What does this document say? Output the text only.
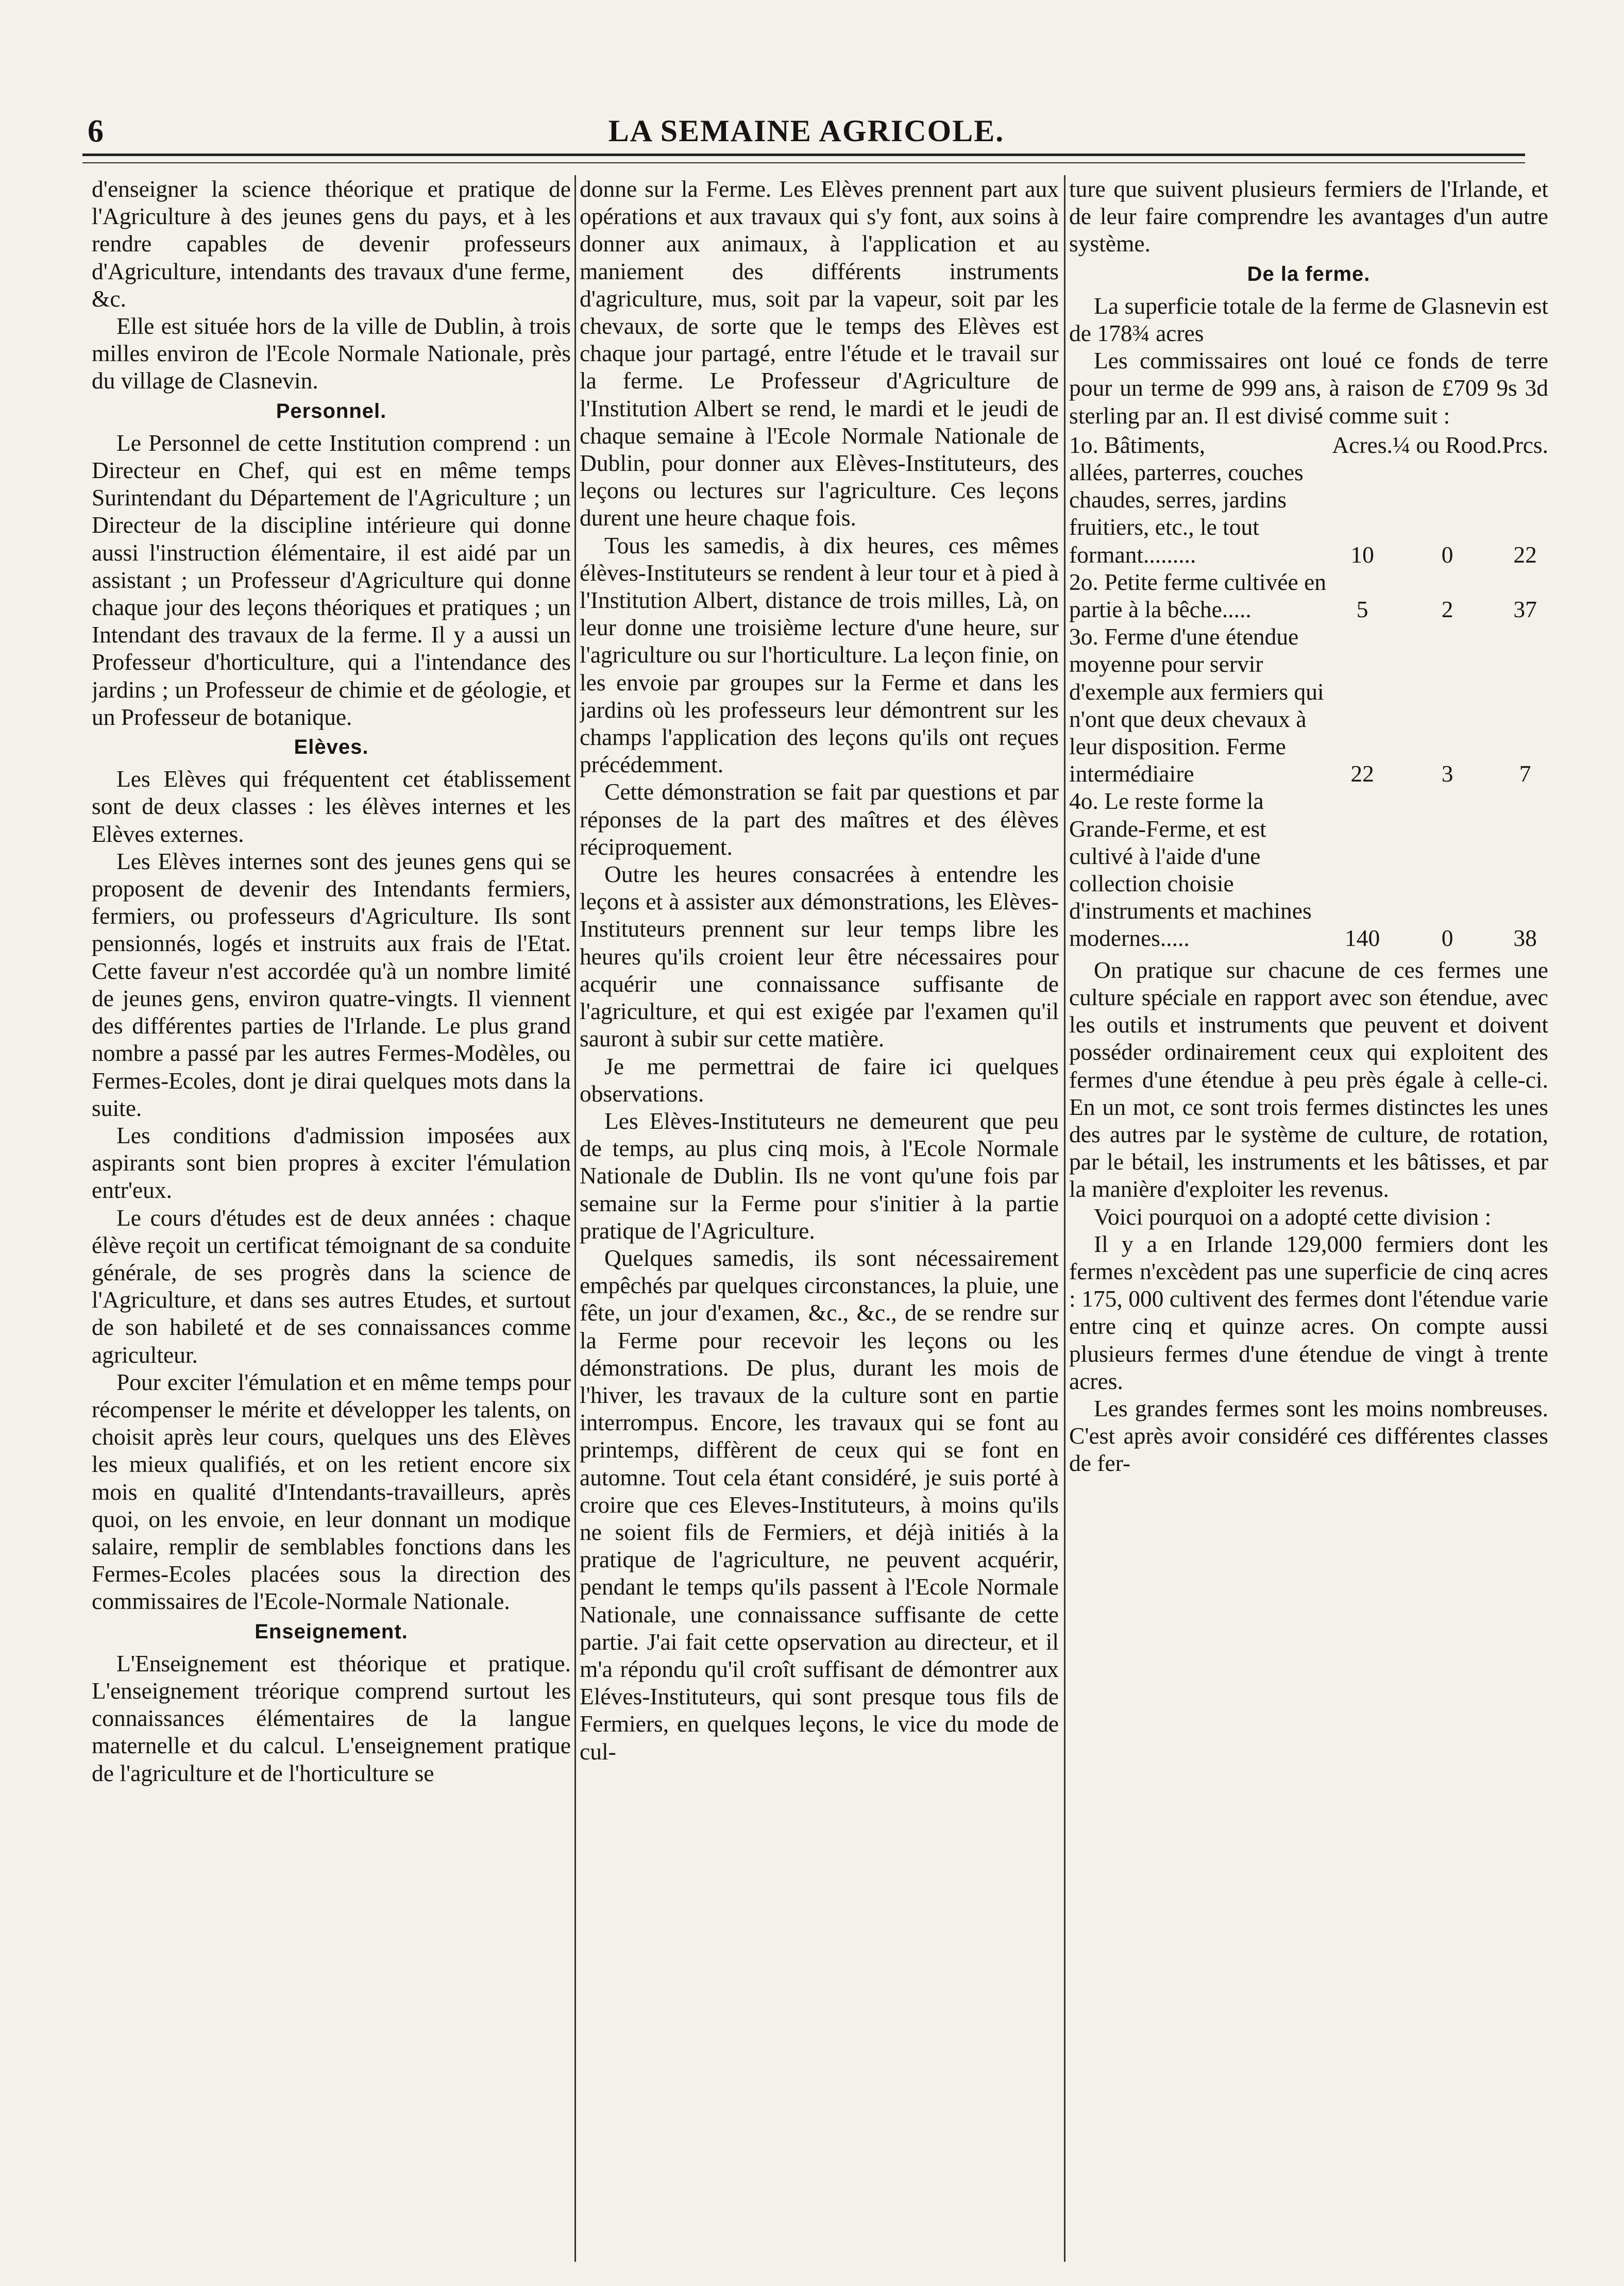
6	LA SEMAINE AGRICOLE.

d'enseigner la science théorique et pratique de l'Agriculture à des jeunes gens du pays, et à les rendre capables de devenir professeurs d'Agriculture, intendants des travaux d'une ferme, &c.

Elle est située hors de la ville de Dublin, à trois milles environ de l'Ecole Normale Nationale, près du village de Clasnevin.

Personnel.

Le Personnel de cette Institution comprend : un Directeur en Chef, qui est en même temps Surintendant du Département de l'Agriculture ; un Directeur de la discipline intérieure qui donne aussi l'instruction élémentaire, il est aidé par un assistant ; un Professeur d'Agriculture qui donne chaque jour des leçons théoriques et pratiques ; un Intendant des travaux de la ferme. Il y a aussi un Professeur d'horticulture, qui a l'intendance des jardins ; un Professeur de chimie et de géologie, et un Professeur de botanique.

Elèves.

Les Elèves qui fréquentent cet établissement sont de deux classes : les élèves internes et les Elèves externes.

Les Elèves internes sont des jeunes gens qui se proposent de devenir des Intendants fermiers, fermiers, ou professeurs d'Agriculture. Ils sont pensionnés, logés et instruits aux frais de l'Etat. Cette faveur n'est accordée qu'à un nombre limité de jeunes gens, environ quatre-vingts. Il viennent des différentes parties de l'Irlande. Le plus grand nombre a passé par les autres Fermes-Modèles, ou Fermes-Ecoles, dont je dirai quelques mots dans la suite.

Les conditions d'admission imposées aux aspirants sont bien propres à exciter l'émulation entr'eux.

Le cours d'études est de deux années : chaque élève reçoit un certificat témoignant de sa conduite générale, de ses progrès dans la science de l'Agriculture, et dans ses autres Etudes, et surtout de son habileté et de ses connaissances comme agriculteur.

Pour exciter l'émulation et en même temps pour récompenser le mérite et développer les talents, on choisit après leur cours, quelques uns des Elèves les mieux qualifiés, et on les retient encore six mois en qualité d'Intendants-travailleurs, après quoi, on les envoie, en leur donnant un modique salaire, remplir de semblables fonctions dans les Fermes-Ecoles placées sous la direction des commissaires de l'Ecole-Normale Nationale.

Enseignement.

L'Enseignement est théorique et pratique. L'enseignement tréorique comprend surtout les connaissances élémentaires de la langue maternelle et du calcul. L'enseignement pratique de l'agriculture et de l'horticulture se

donne sur la Ferme. Les Elèves prennent part aux opérations et aux travaux qui s'y font, aux soins à donner aux animaux, à l'application et au maniement des différents instruments d'agriculture, mus, soit par la vapeur, soit par les chevaux, de sorte que le temps des Elèves est chaque jour partagé, entre l'étude et le travail sur la ferme. Le Professeur d'Agriculture de l'Institution Albert se rend, le mardi et le jeudi de chaque semaine à l'Ecole Normale Nationale de Dublin, pour donner aux Elèves-Instituteurs, des leçons ou lectures sur l'agriculture. Ces leçons durent une heure chaque fois.

Tous les samedis, à dix heures, ces mêmes élèves-Instituteurs se rendent à leur tour et à pied à l'Institution Albert, distance de trois milles, Là, on leur donne une troisième lecture d'une heure, sur l'agriculture ou sur l'horticulture. La leçon finie, on les envoie par groupes sur la Ferme et dans les jardins où les professeurs leur démontrent sur les champs l'application des leçons qu'ils ont reçues précédemment.

Cette démonstration se fait par questions et par réponses de la part des maîtres et des élèves réciproquement.

Outre les heures consacrées à entendre les leçons et à assister aux démonstrations, les Elèves-Instituteurs prennent sur leur temps libre les heures qu'ils croient leur être nécessaires pour acquérir une connaissance suffisante de l'agriculture, et qui est exigée par l'examen qu'il sauront à subir sur cette matière.

Je me permettrai de faire ici quelques observations.

Les Elèves-Instituteurs ne demeurent que peu de temps, au plus cinq mois, à l'Ecole Normale Nationale de Dublin. Ils ne vont qu'une fois par semaine sur la Ferme pour s'initier à la partie pratique de l'Agriculture.

Quelques samedis, ils sont nécessairement empêchés par quelques circonstances, la pluie, une fête, un jour d'examen, &c., &c., de se rendre sur la Ferme pour recevoir les leçons ou les démonstrations. De plus, durant les mois de l'hiver, les travaux de la culture sont en partie interrompus. Encore, les travaux qui se font au printemps, diffèrent de ceux qui se font en automne. Tout cela étant considéré, je suis porté à croire que ces Eleves-Instituteurs, à moins qu'ils ne soient fils de Fermiers, et déjà initiés à la pratique de l'agriculture, ne peuvent acquérir, pendant le temps qu'ils passent à l'Ecole Normale Nationale, une connaissance suffisante de cette partie. J'ai fait cette opservation au directeur, et il m'a répondu qu'il croît suffisant de démontrer aux Eléves-Instituteurs, qui sont presque tous fils de Fermiers, en quelques leçons, le vice du mode de cul-

ture que suivent plusieurs fermiers de l'Irlande, et de leur faire comprendre les avantages d'un autre système.

De la ferme.

La superficie totale de la ferme de Glasnevin est de 178¾ acres

Les commissaires ont loué ce fonds de terre pour un terme de 999 ans, à raison de £709 9s 3d sterling par an. Il est divisé comme suit :

1o. Bâtiments,	Acres.	¼ ou Rood.	Prcs.
allées, parterres, couches chaudes, serres, jardins fruitiers, etc., le tout formant.........	10	0	22
2o. Petite ferme cultivée en partie à la bêche.....	5	2	37
3o. Ferme d'une étendue moyenne pour servir d'exemple aux fermiers qui n'ont que deux chevaux à leur disposition. Ferme intermédiaire	22	3	7
4o. Le reste forme la Grande-Ferme, et est cultivé à l'aide d'une collection choisie d'instruments et machines modernes.....	140	0	38

On pratique sur chacune de ces fermes une culture spéciale en rapport avec son étendue, avec les outils et instruments que peuvent et doivent posséder ordinairement ceux qui exploitent des fermes d'une étendue à peu près égale à celle-ci. En un mot, ce sont trois fermes distinctes les unes des autres par le système de culture, de rotation, par le bétail, les instruments et les bâtisses, et par la manière d'exploiter les revenus.

Voici pourquoi on a adopté cette division :

Il y a en Irlande 129,000 fermiers dont les fermes n'excèdent pas une superficie de cinq acres : 175, 000 cultivent des fermes dont l'étendue varie entre cinq et quinze acres. On compte aussi plusieurs fermes d'une étendue de vingt à trente acres.

Les grandes fermes sont les moins nombreuses. C'est après avoir considéré ces différentes classes de fer-
